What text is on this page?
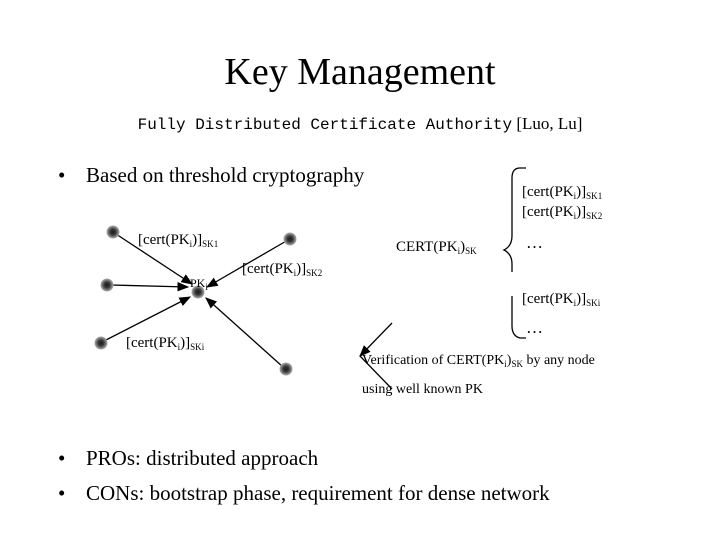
Key Management
Fully Distributed Certificate Authority [Luo, Lu]
• Based on threshold cryptography
• PROs: distributed approach
• CONs: bootstrap phase, requirement for dense network
$[cert(PK_i)]_{SK1}$
$PK_i$
$[cert(PK_i)]_{SK2}$
$[cert(PK_i)]_{SKi}$
$CERT(PK_i)_{SK}$
$[cert(PK_i)]_{SK1}$
$[cert(PK_i)]_{SK2}$
…
$[cert(PK_i)]_{SKi}$
…
Verification of $CERT(PK_i)_{SK}$ by any node
using well known PK
